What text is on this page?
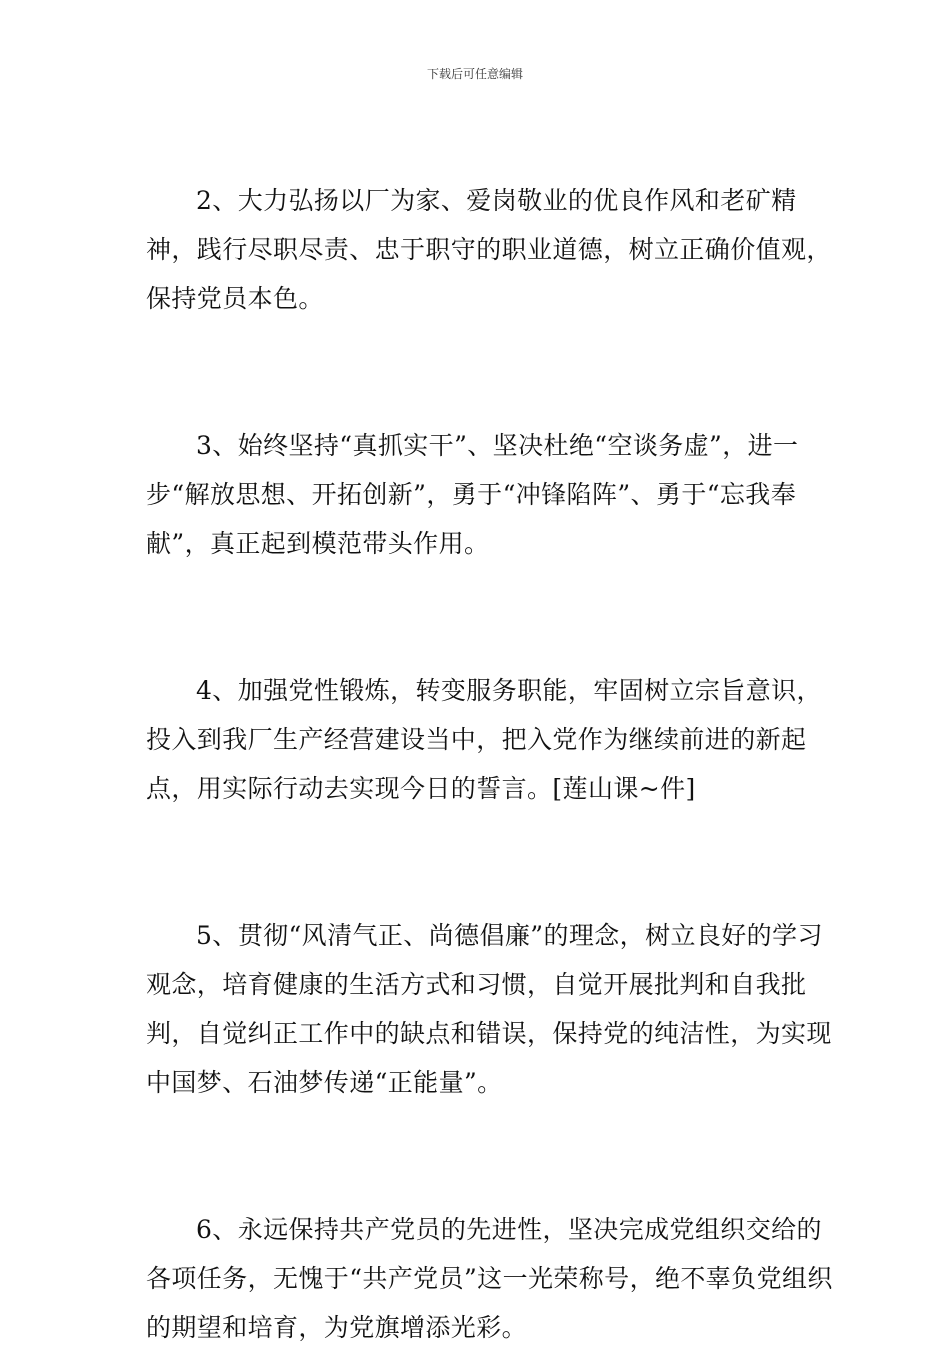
下载后可任意编辑

2、大力弘扬以厂为家、爱岗敬业的优良作风和老矿精神，践行尽职尽责、忠于职守的职业道德，树立正确价值观，保持党员本色。

3、始终坚持“真抓实干”、坚决杜绝“空谈务虚”，进一步“解放思想、开拓创新”，勇于“冲锋陷阵”、勇于“忘我奉献”，真正起到模范带头作用。

4、加强党性锻炼，转变服务职能，牢固树立宗旨意识，投入到我厂生产经营建设当中，把入党作为继续前进的新起点，用实际行动去实现今日的誓言。[莲山课~件]

5、贯彻“风清气正、尚德倡廉”的理念，树立良好的学习观念，培育健康的生活方式和习惯，自觉开展批判和自我批判，自觉纠正工作中的缺点和错误，保持党的纯洁性，为实现中国梦、石油梦传递“正能量”。

6、永远保持共产党员的先进性，坚决完成党组织交给的各项任务，无愧于“共产党员”这一光荣称号，绝不辜负党组织的期望和培育，为党旗增添光彩。
